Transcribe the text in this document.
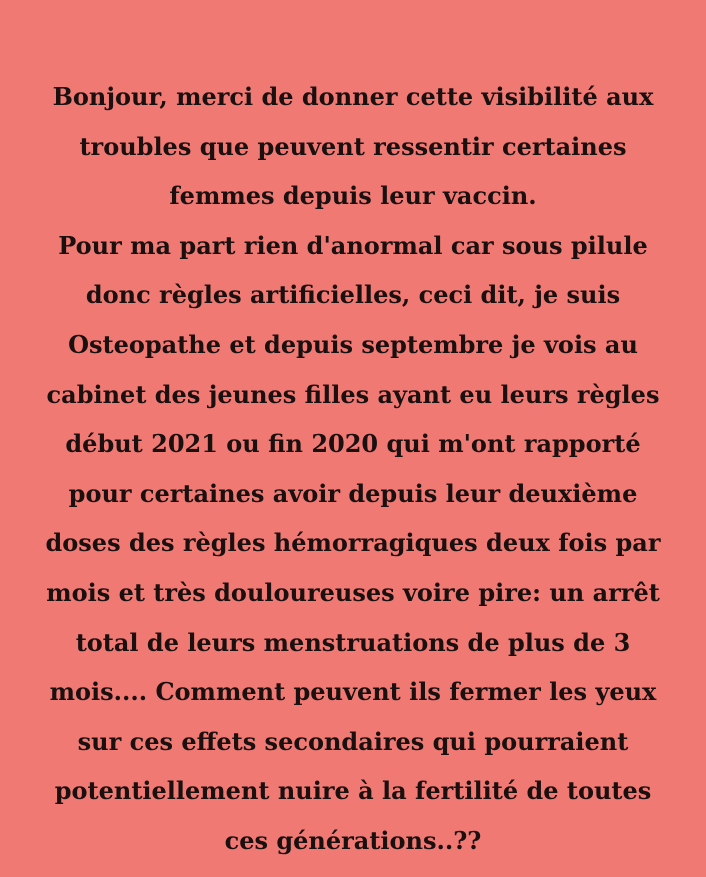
Bonjour, merci de donner cette visibilité aux
troubles que peuvent ressentir certaines
femmes depuis leur vaccin.
Pour ma part rien d'anormal car sous pilule
donc règles artificielles, ceci dit, je suis
Osteopathe et depuis septembre je vois au
cabinet des jeunes filles ayant eu leurs règles
début 2021 ou fin 2020 qui m'ont rapporté
pour certaines avoir depuis leur deuxième
doses des règles hémorragiques deux fois par
mois et très douloureuses voire pire: un arrêt
total de leurs menstruations de plus de 3
mois.... Comment peuvent ils fermer les yeux
sur ces effets secondaires qui pourraient
potentiellement nuire à la fertilité de toutes
ces générations..??
